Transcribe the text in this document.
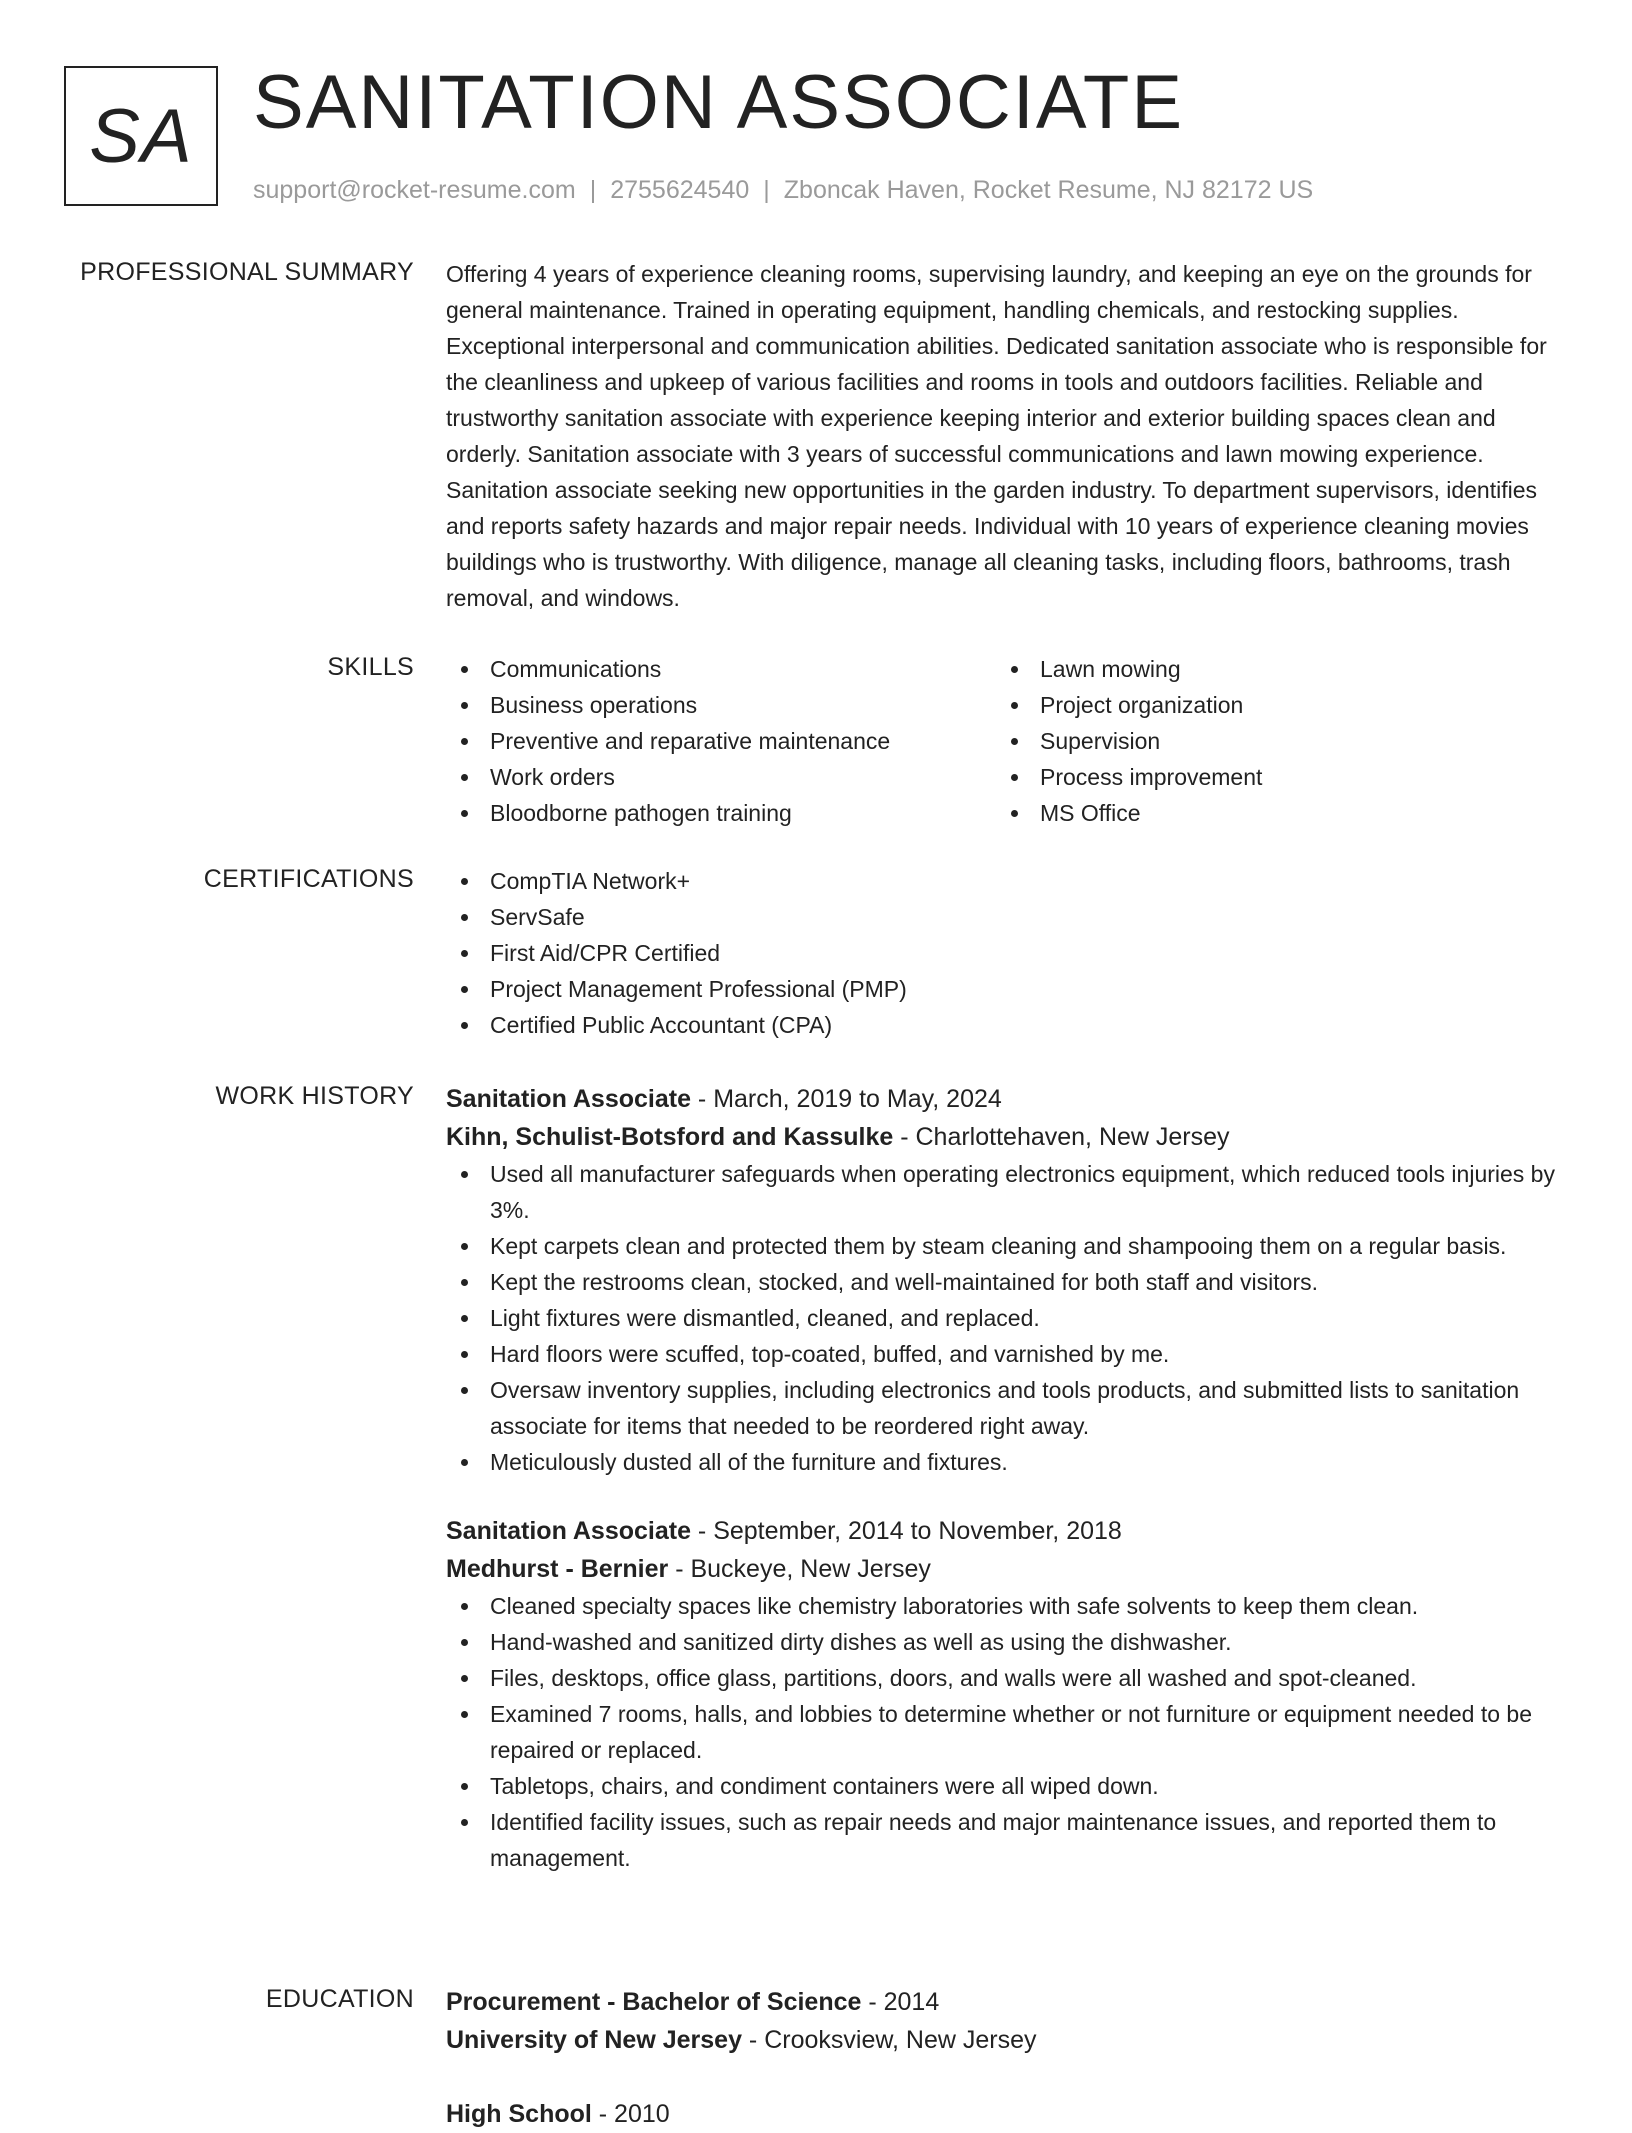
SA SANITATION ASSOCIATE
support@rocket-resume.com | 2755624540 | Zboncak Haven, Rocket Resume, NJ 82172 US
PROFESSIONAL SUMMARY Offering 4 years of experience cleaning rooms, supervising laundry, and keeping an eye on the grounds for general maintenance. Trained in operating equipment, handling chemicals, and restocking supplies. Exceptional interpersonal and communication abilities. Dedicated sanitation associate who is responsible for the cleanliness and upkeep of various facilities and rooms in tools and outdoors facilities. Reliable and trustworthy sanitation associate with experience keeping interior and exterior building spaces clean and orderly. Sanitation associate with 3 years of successful communications and lawn mowing experience. Sanitation associate seeking new opportunities in the garden industry. To department supervisors, identifies and reports safety hazards and major repair needs. Individual with 10 years of experience cleaning movies buildings who is trustworthy. With diligence, manage all cleaning tasks, including floors, bathrooms, trash removal, and windows.

SKILLS	Communications
Business operations
Preventive and reparative maintenance
Work orders
Bloodborne pathogen training
Lawn mowing
Project organization
Supervision
Process improvement
MS Office
CERTIFICATIONS	CompTIA Network+
ServSafe
First Aid/CPR Certified
Project Management Professional (PMP)
Certified Public Accountant (CPA)
WORK HISTORY Sanitation Associate - March, 2019 to May, 2024
Kihn, Schulist-Botsford and Kassulke - Charlottehaven, New Jersey
Used all manufacturer safeguards when operating electronics equipment, which reduced tools injuries by 3%.
Kept carpets clean and protected them by steam cleaning and shampooing them on a regular basis.
Kept the restrooms clean, stocked, and well-maintained for both staff and visitors.
Light fixtures were dismantled, cleaned, and replaced.
Hard floors were scuffed, top-coated, buffed, and varnished by me.
Oversaw inventory supplies, including electronics and tools products, and submitted lists to sanitation associate for items that needed to be reordered right away.
Meticulously dusted all of the furniture and fixtures.
Sanitation Associate - September, 2014 to November, 2018
Medhurst - Bernier - Buckeye, New Jersey
Cleaned specialty spaces like chemistry laboratories with safe solvents to keep them clean.
Hand-washed and sanitized dirty dishes as well as using the dishwasher.
Files, desktops, office glass, partitions, doors, and walls were all washed and spot-cleaned.
Examined 7 rooms, halls, and lobbies to determine whether or not furniture or equipment needed to be repaired or replaced.
Tabletops, chairs, and condiment containers were all wiped down.
Identified facility issues, such as repair needs and major maintenance issues, and reported them to management.
EDUCATION Procurement - Bachelor of Science - 2014
University of New Jersey - Crooksview, New Jersey
High School - 2010
